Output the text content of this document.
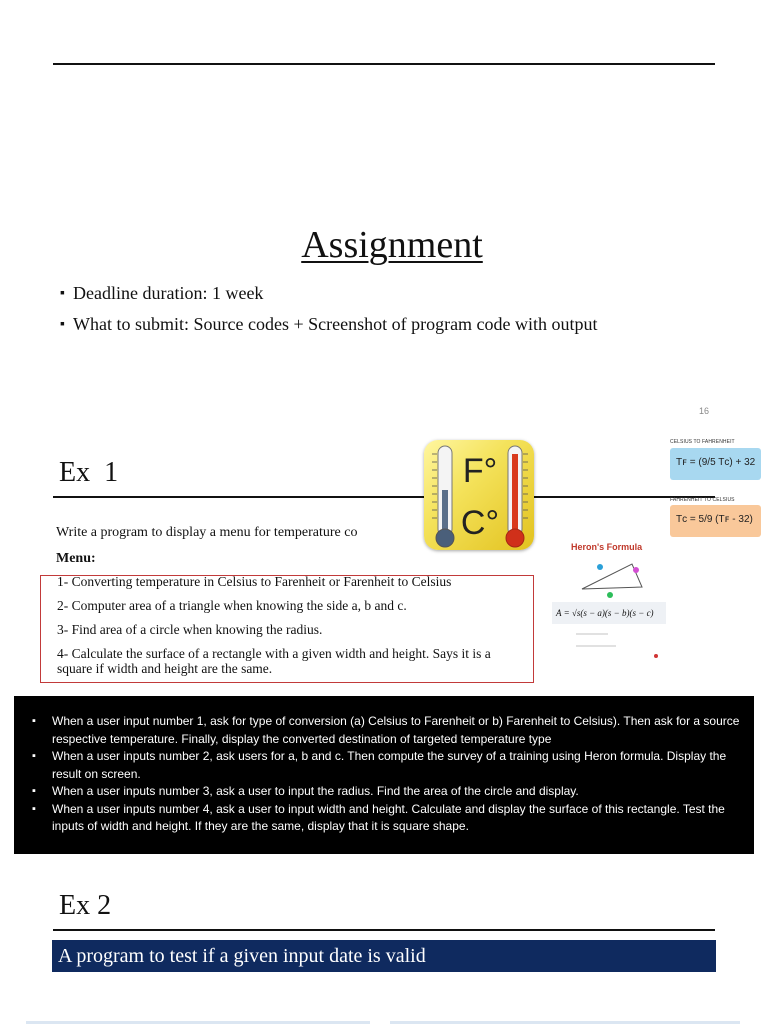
Assignment
▪ Deadline duration: 1 week
▪ What to submit: Source codes + Screenshot of program code with output
16
Ex  1	F°
C°
CELSIUS TO FAHRENHEIT
Tꜰ = (9/5 Tᴄ) + 32
FAHRENHEIT TO CELSIUS
Tᴄ = 5/9 (Tꜰ - 32)
Heron's Formula
A = √s(s − a)(s − b)(s − c)
Write a program to display a menu for temperature co
Menu:
1- Converting temperature in Celsius to Farenheit or Farenheit to Celsius
2- Computer area of a triangle when knowing the side a, b and c.
3- Find area of a circle when knowing the radius.
4- Calculate the surface of a rectangle with a given width and height. Says it is a square if width and height are the same.
▪ When a user input number 1, ask for type of conversion (a) Celsius to Farenheit or b) Farenheit to Celsius). Then ask for a source respective temperature. Finally, display the converted destination of targeted temperature type
▪ When a user inputs number 2, ask users for a, b and c. Then compute the survey of a training using Heron formula. Display the result on screen.
▪ When a user inputs number 3, ask a user to input the radius. Find the area of the circle and display.
▪ When a user inputs number 4, ask a user to input width and height. Calculate and display the surface of this rectangle. Test the inputs of width and height. If they are the same, display that it is square shape.
Ex 2
A program to test if a given input date is valid
